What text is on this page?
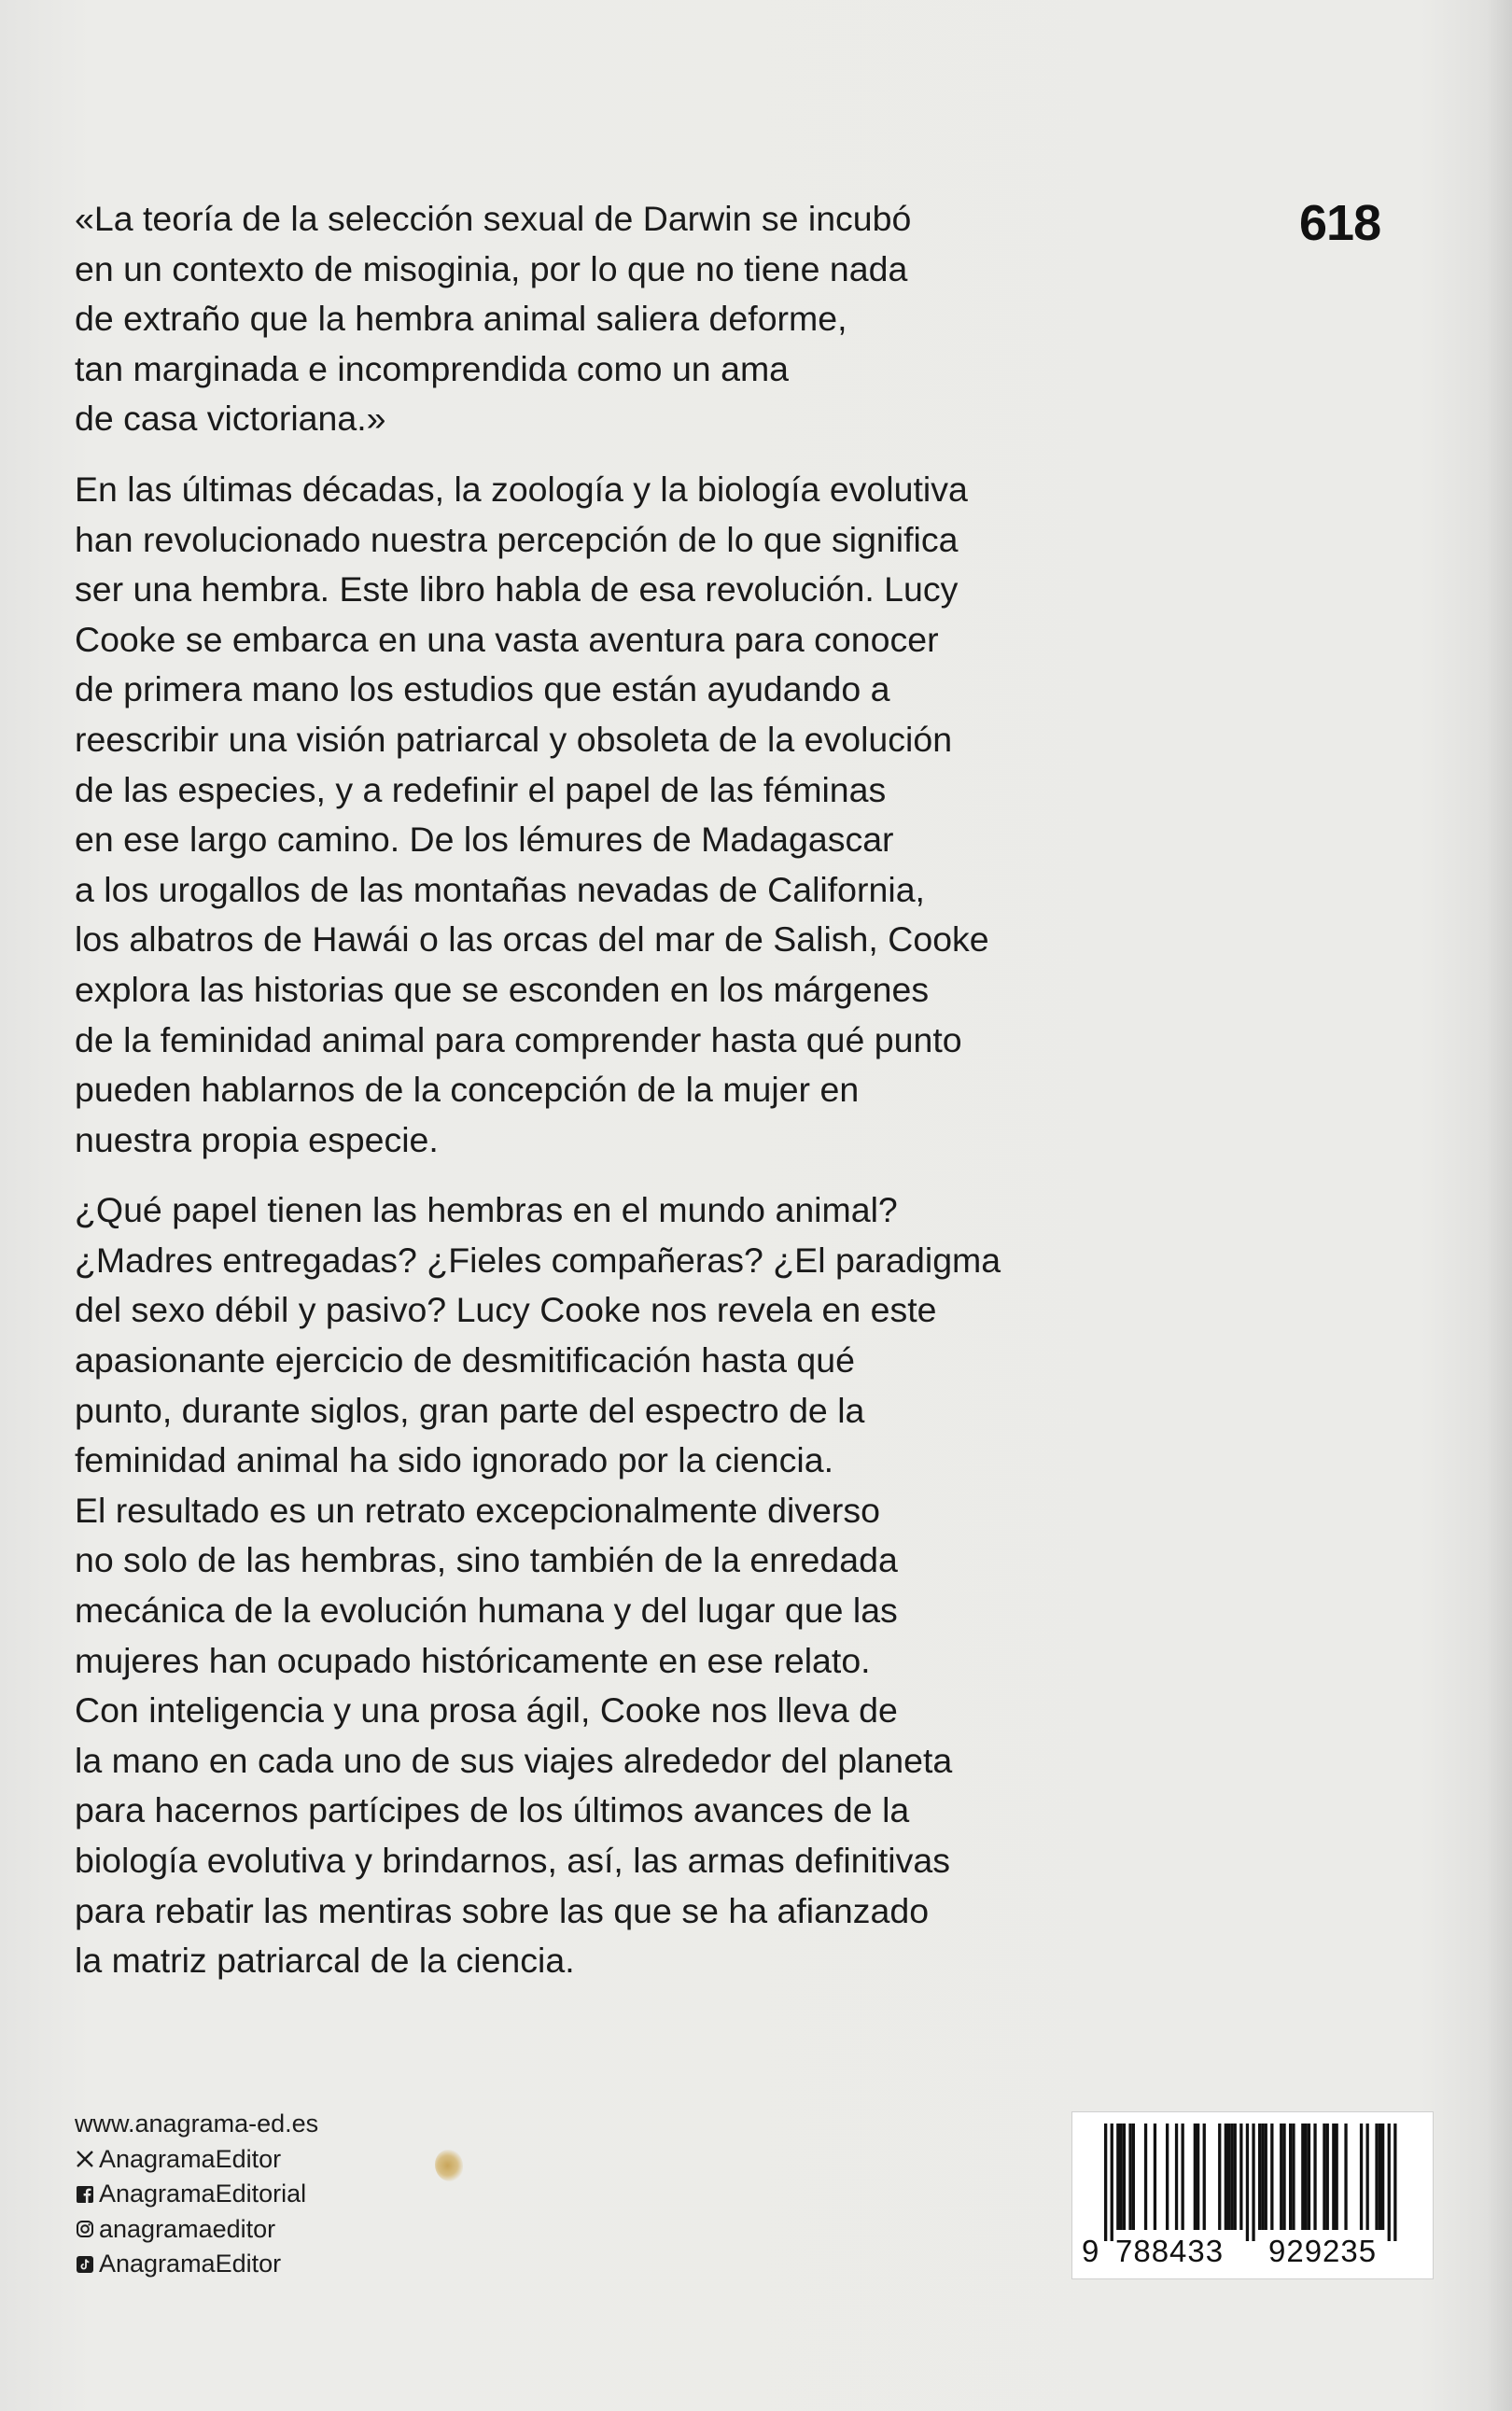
618
«La teoría de la selección sexual de Darwin se incubó
en un contexto de misoginia, por lo que no tiene nada
de extraño que la hembra animal saliera deforme,
tan marginada e incomprendida como un ama
de casa victoriana.»
En las últimas décadas, la zoología y la biología evolutiva
han revolucionado nuestra percepción de lo que significa
ser una hembra. Este libro habla de esa revolución. Lucy
Cooke se embarca en una vasta aventura para conocer
de primera mano los estudios que están ayudando a
reescribir una visión patriarcal y obsoleta de la evolución
de las especies, y a redefinir el papel de las féminas
en ese largo camino. De los lémures de Madagascar
a los urogallos de las montañas nevadas de California,
los albatros de Hawái o las orcas del mar de Salish, Cooke
explora las historias que se esconden en los márgenes
de la feminidad animal para comprender hasta qué punto
pueden hablarnos de la concepción de la mujer en
nuestra propia especie.
¿Qué papel tienen las hembras en el mundo animal?
¿Madres entregadas? ¿Fieles compañeras? ¿El paradigma
del sexo débil y pasivo? Lucy Cooke nos revela en este
apasionante ejercicio de desmitificación hasta qué
punto, durante siglos, gran parte del espectro de la
feminidad animal ha sido ignorado por la ciencia.
El resultado es un retrato excepcionalmente diverso
no solo de las hembras, sino también de la enredada
mecánica de la evolución humana y del lugar que las
mujeres han ocupado históricamente en ese relato.
Con inteligencia y una prosa ágil, Cooke nos lleva de
la mano en cada uno de sus viajes alrededor del planeta
para hacernos partícipes de los últimos avances de la
biología evolutiva y brindarnos, así, las armas definitivas
para rebatir las mentiras sobre las que se ha afianzado
la matriz patriarcal de la ciencia.
www.anagrama-ed.es
AnagramaEditor
AnagramaEditorial
anagramaeditor
AnagramaEditor	9 788433 929235
